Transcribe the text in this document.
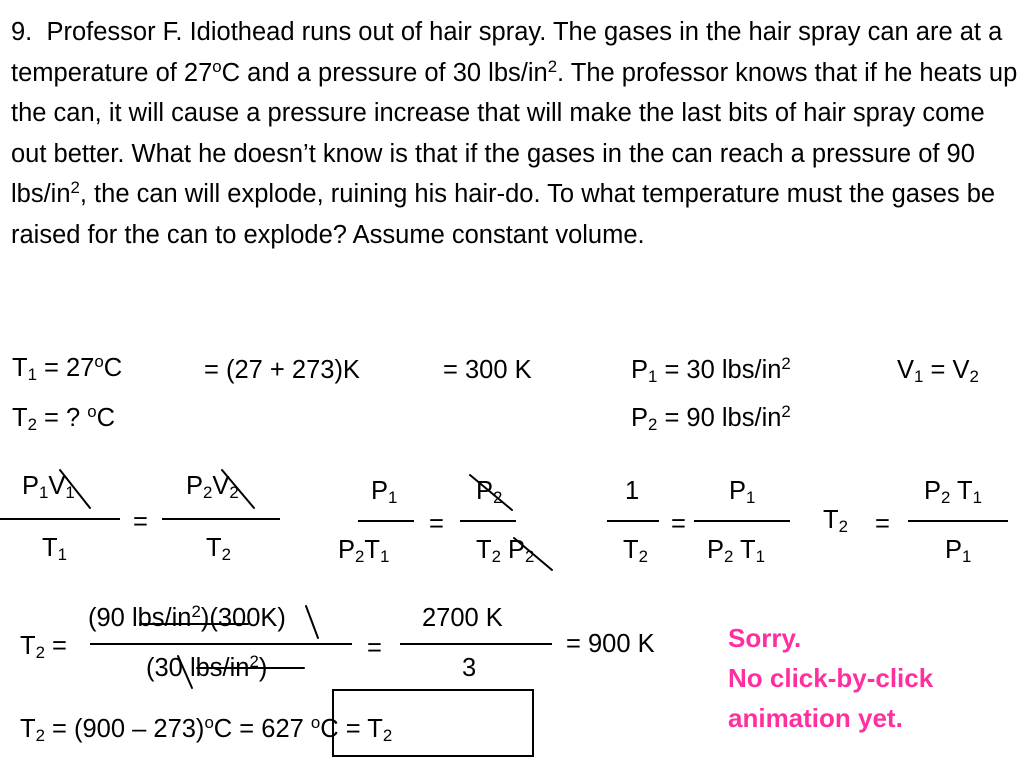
9. Professor F. Idiothead runs out of hair spray. The gases in the hair spray can are at a temperature of 27$^o$C and a pressure of 30 lbs/$in^2$. The professor knows that if he heats up the can, it will cause a pressure increase that will make the last bits of hair spray come out better. What he doesn’t know is that if the gases in the can reach a pressure of 90 lbs/$in^2$, the can will explode, ruining his hair-do. To what temperature must the gases be raised for the can to explode? Assume constant volume.

$T_1 = 27^oC$	= (27 + 273)K	= 300 K	$P_1 = 30$ lbs/$in^2$	$V_1 = V_2$
$T_2$ = ? $^o$C	$P_2 = 90$ lbs/$in^2$
$P_1V_1$
$T_1$
=
$P_2V_2$
$T_2$
$P_1$
$P_2T_1$
=
$P_2$
$T_2$ $P_2$
1
$T_2$
=
$P_1$
$P_2$ $T_1$
$T_2$ =
$P_2$ $T_1$
$P_1$
$T_2$ =
(90 lbs/$in^2)(300K)$
(30 lbs/$in^2$)
=
2700 K
3
= 900 K
$T_2 = (900 - 273)^oC = 627$ $^oC = T_2$
Sorry.
No click-by-click
animation yet.
